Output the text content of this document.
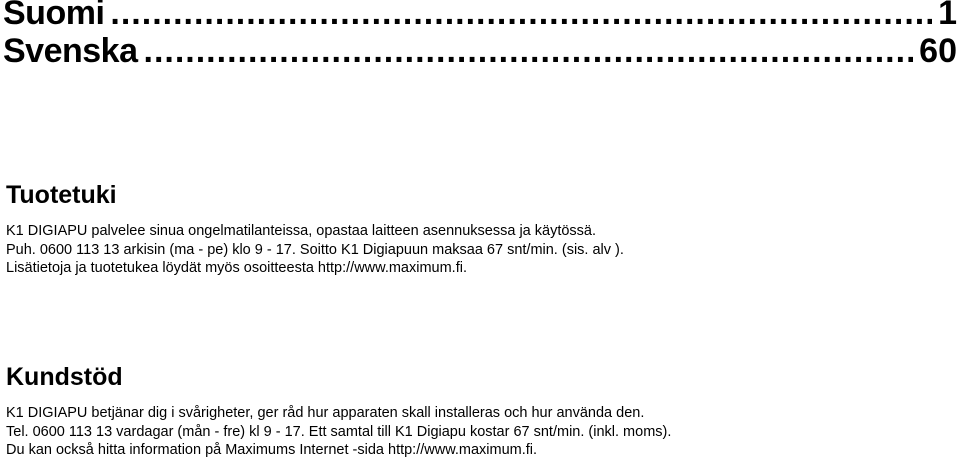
Suomi .....	1
Svenska .....	60
Tuotetuki

K1 DIGIAPU palvelee sinua ongelmatilanteissa, opastaa laitteen asennuksessa ja käytössä.

Puh. 0600 113 13 arkisin (ma - pe) klo 9 - 17. Soitto K1 Digiapuun maksaa 67 snt/min. (sis. alv ).

Lisätietoja ja tuotetukea löydät myös osoitteesta http://www.maximum.fi.

Kundstöd

K1 DIGIAPU betjänar dig i svårigheter, ger råd hur apparaten skall installeras och hur använda den.

Tel. 0600 113 13 vardagar (mån - fre) kl 9 - 17. Ett samtal till K1 Digiapu kostar 67 snt/min. (inkl. moms).

Du kan också hitta information på Maximums Internet -sida http://www.maximum.fi.
